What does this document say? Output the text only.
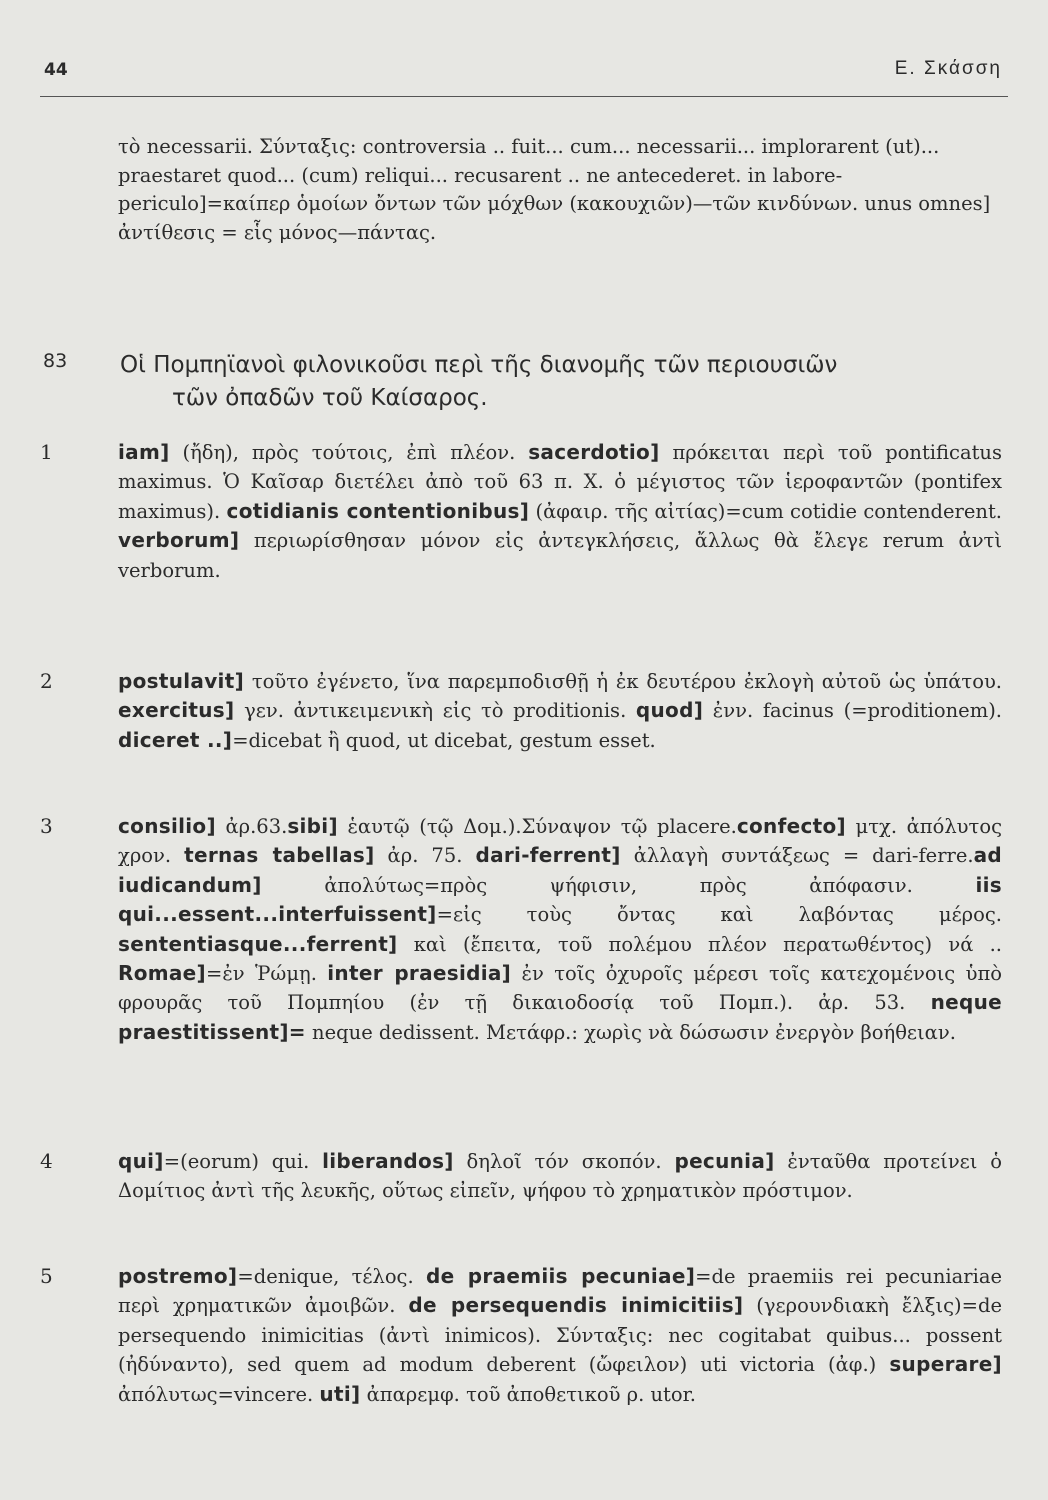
44	Ε. Σκάσση
τὸ necessarii. Σύνταξις: controversia .. fuit... cum... necessarii... implorarent (ut)... praestaret quod... (cum) reliqui... recusarent .. ne antecederet. in labore-periculo]=καίπερ ὁμοίων ὄντων τῶν μόχθων (κακουχιῶν)—τῶν κινδύνων. unus omnes] ἀντίθεσις = εἷς μόνος—πάντας.
83 Οἱ Πομπηϊανοὶ φιλονικοῦσι περὶ τῆς διανομῆς τῶν περιουσιῶν
τῶν ὀπαδῶν τοῦ Καίσαρος.
1	iam] (ἤδη), πρὸς τούτοις, ἐπὶ πλέον. sacerdotio] πρόκειται περὶ τοῦ pontificatus maximus. Ὁ Καῖσαρ διετέλει ἀπὸ τοῦ 63 π. Χ. ὁ μέγιστος τῶν ἱεροφαντῶν (pontifex maximus). cotidianis contentionibus] (ἀφαιρ. τῆς αἰτίας)=cum cotidie contenderent. verborum] περιωρίσθησαν μόνον εἰς ἀντεγκλήσεις, ἄλλως θὰ ἔλεγε rerum ἀντὶ verborum.
2	postulavit] τοῦτο ἐγένετο, ἵνα παρεμποδισθῇ ἡ ἐκ δευτέρου ἐκλογὴ αὐτοῦ ὡς ὑπάτου. exercitus] γεν. ἀντικειμενικὴ εἰς τὸ proditionis. quod] ἐνν. facinus (=proditionem). diceret ..]=dicebat ἢ quod, ut dicebat, gestum esset.
3	consilio] ἀρ.63.sibi] ἑαυτῷ (τῷ Δομ.).Σύναψον τῷ placere.confecto] μτχ. ἀπόλυτος χρον. ternas tabellas] ἀρ. 75. dari-ferrent] ἀλλαγὴ συντάξεως = dari-ferre.ad iudicandum] ἀπολύτως=πρὸς ψήφισιν, πρὸς ἀπόφασιν. iis qui...essent...interfuissent]=εἰς τοὺς ὄντας καὶ λαβόντας μέρος. sententiasque...ferrent] καὶ (ἔπειτα, τοῦ πολέμου πλέον περατωθέντος) νά .. Romae]=ἐν Ῥώμῃ. inter praesidia] ἐν τοῖς ὀχυροῖς μέρεσι τοῖς κατεχομένοις ὑπὸ φρουρᾶς τοῦ Πομπηίου (ἐν τῇ δικαιοδοσίᾳ τοῦ Πομπ.). ἀρ. 53. neque praestitissent]= neque dedissent. Μετάφρ.: χωρὶς νὰ δώσωσιν ἐνεργὸν βοήθειαν.
4	qui]=(eorum) qui. liberandos] δηλοῖ τόν σκοπόν. pecunia] ἐνταῦθα προτείνει ὁ Δομίτιος ἀντὶ τῆς λευκῆς, οὕτως εἰπεῖν, ψήφου τὸ χρηματικὸν πρόστιμον.
5	postremo]=denique, τέλος. de praemiis pecuniae]=de praemiis rei pecuniariae περὶ χρηματικῶν ἀμοιβῶν. de persequendis inimicitiis] (γερουνδιακὴ ἔλξις)=de persequendo inimicitias (ἀντὶ inimicos). Σύνταξις: nec cogitabat quibus... possent (ἠδύναντο), sed quem ad modum deberent (ὤφειλον) uti victoria (ἀφ.) superare] ἀπόλυτως=vincere. uti] ἀπαρεμφ. τοῦ ἀποθετικοῦ ρ. utor.
